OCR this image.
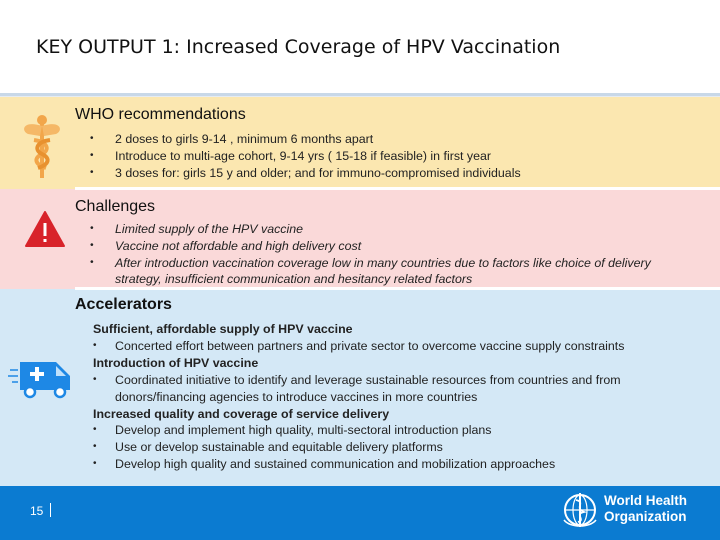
KEY OUTPUT 1: Increased Coverage of HPV Vaccination
WHO recommendations
• 2 doses to girls 9-14 , minimum 6 months apart
• Introduce to multi-age cohort, 9-14 yrs ( 15-18 if feasible) in first year
• 3 doses for: girls 15 y and older; and for immuno-compromised individuals
Challenges
• Limited supply of the HPV vaccine
• Vaccine not affordable and high delivery cost
• After introduction vaccination coverage low in many countries due to factors like choice of delivery strategy, insufficient communication and hesitancy related factors
Accelerators
Sufficient, affordable supply of HPV vaccine
• Concerted effort between partners and private sector to overcome vaccine supply constraints
Introduction of HPV vaccine
• Coordinated initiative to identify and leverage sustainable resources from countries and from donors/financing agencies to introduce vaccines in more countries
Increased quality and coverage of service delivery
• Develop and implement high quality, multi-sectoral introduction plans
• Use or develop sustainable and equitable delivery platforms
• Develop high quality and sustained communication and mobilization approaches
15
World Health
Organization
